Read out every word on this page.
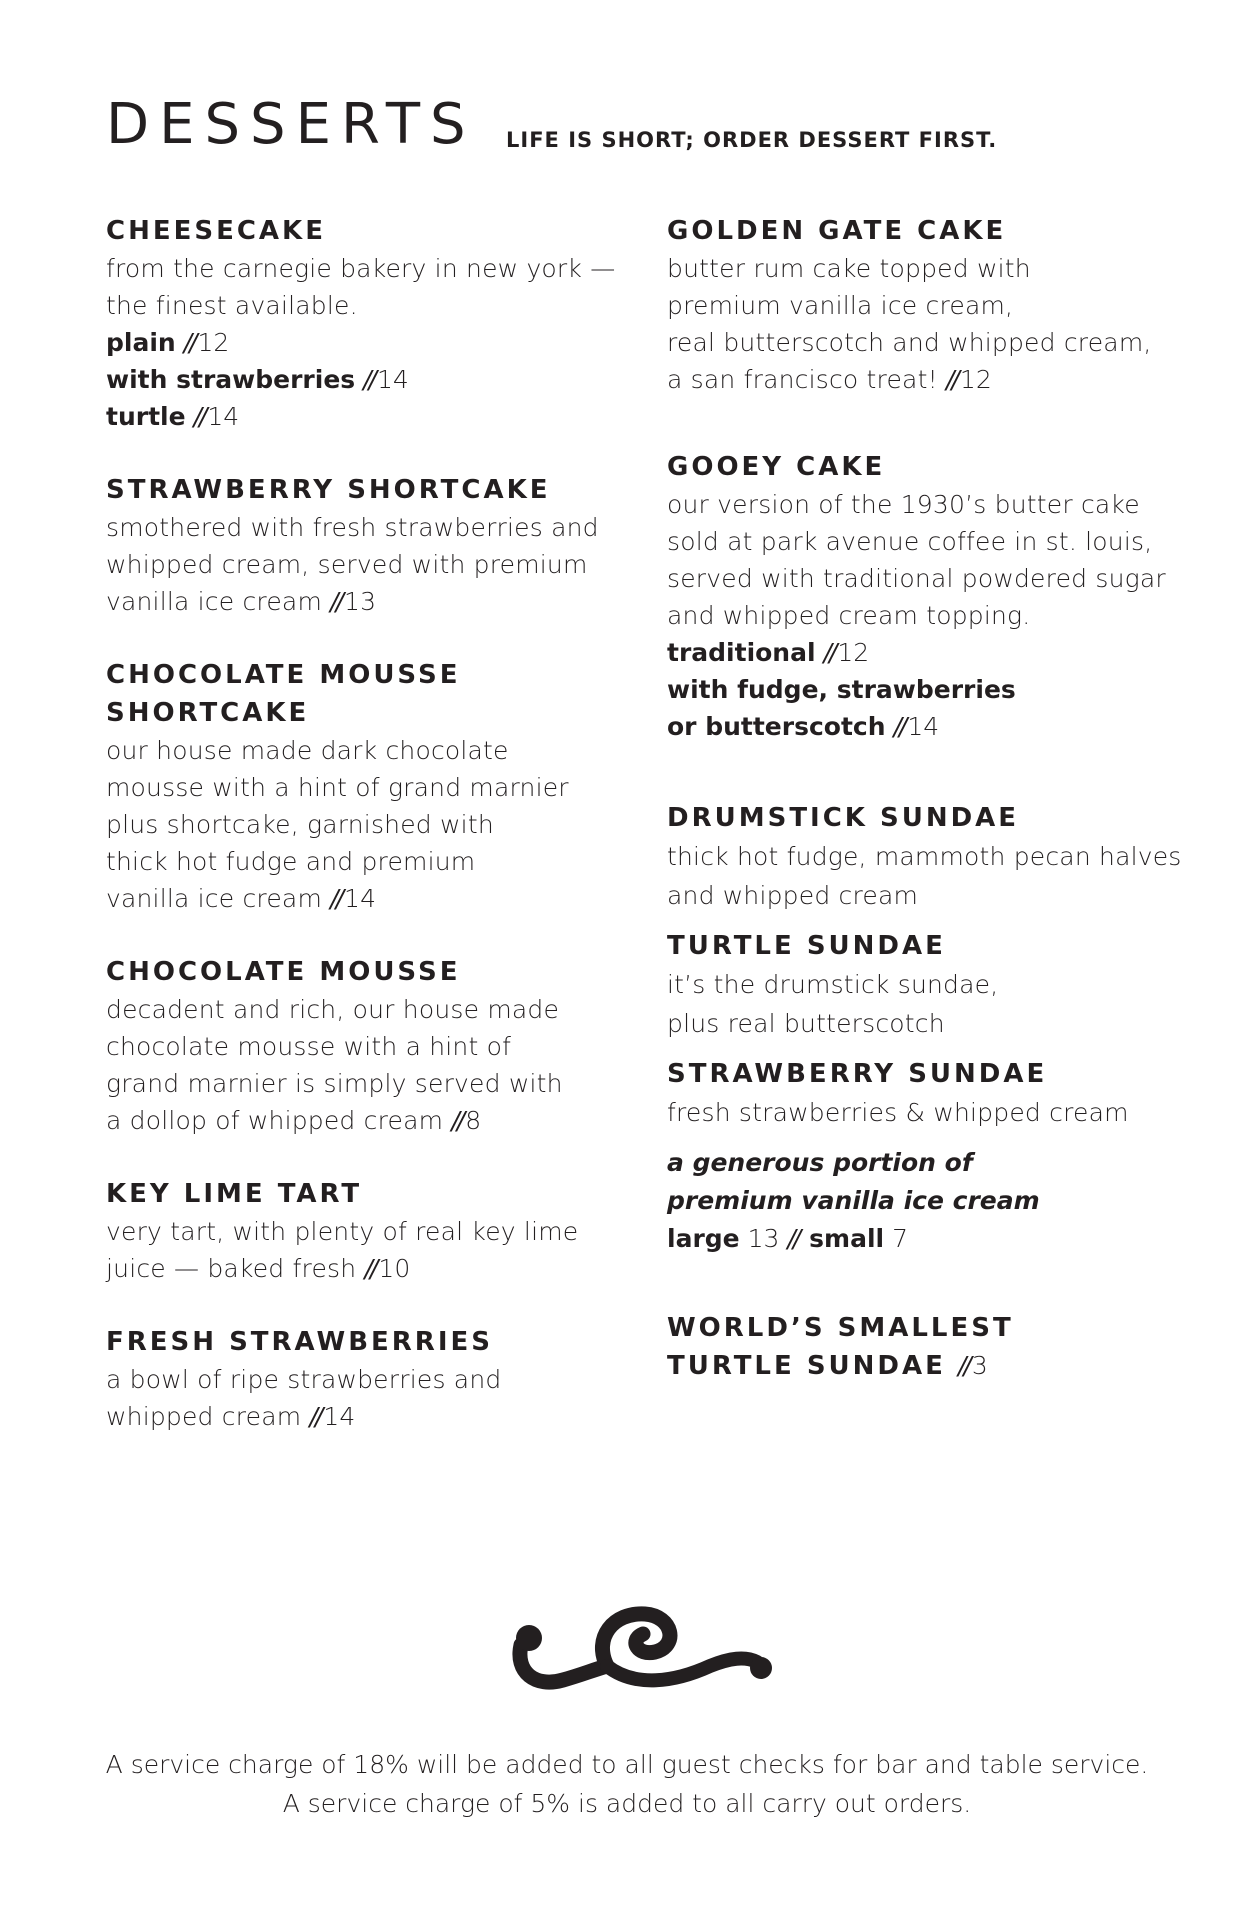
DESSERTS LIFE IS SHORT; ORDER DESSERT FIRST.

CHEESECAKE

from the carnegie bakery in new york —

the finest available.

plain // 12

with strawberries // 14

turtle // 14

STRAWBERRY SHORTCAKE

smothered with fresh strawberries and

whipped cream, served with premium

vanilla ice cream // 13

CHOCOLATE MOUSSE

SHORTCAKE

our house made dark chocolate

mousse with a hint of grand marnier

plus shortcake, garnished with

thick hot fudge and premium

vanilla ice cream // 14

CHOCOLATE MOUSSE

decadent and rich, our house made

chocolate mousse with a hint of

grand marnier is simply served with

a dollop of whipped cream // 8

KEY LIME TART

very tart, with plenty of real key lime

juice — baked fresh // 10

FRESH STRAWBERRIES

a bowl of ripe strawberries and

whipped cream // 14

GOLDEN GATE CAKE

butter rum cake topped with

premium vanilla ice cream,

real butterscotch and whipped cream,

a san francisco treat! // 12

GOOEY CAKE

our version of the 1930’s butter cake

sold at park avenue coffee in st. louis,

served with traditional powdered sugar

and whipped cream topping.

traditional // 12

with fudge, strawberries

or butterscotch // 14

DRUMSTICK SUNDAE

thick hot fudge, mammoth pecan halves

and whipped cream

TURTLE SUNDAE

it’s the drumstick sundae,

plus real butterscotch

STRAWBERRY SUNDAE

fresh strawberries & whipped cream

a generous portion of

premium vanilla ice cream

large 13 // small 7

WORLD’S SMALLEST

TURTLE SUNDAE // 3

A service charge of 18% will be added to all guest checks for bar and table service.

A service charge of 5% is added to all carry out orders.
